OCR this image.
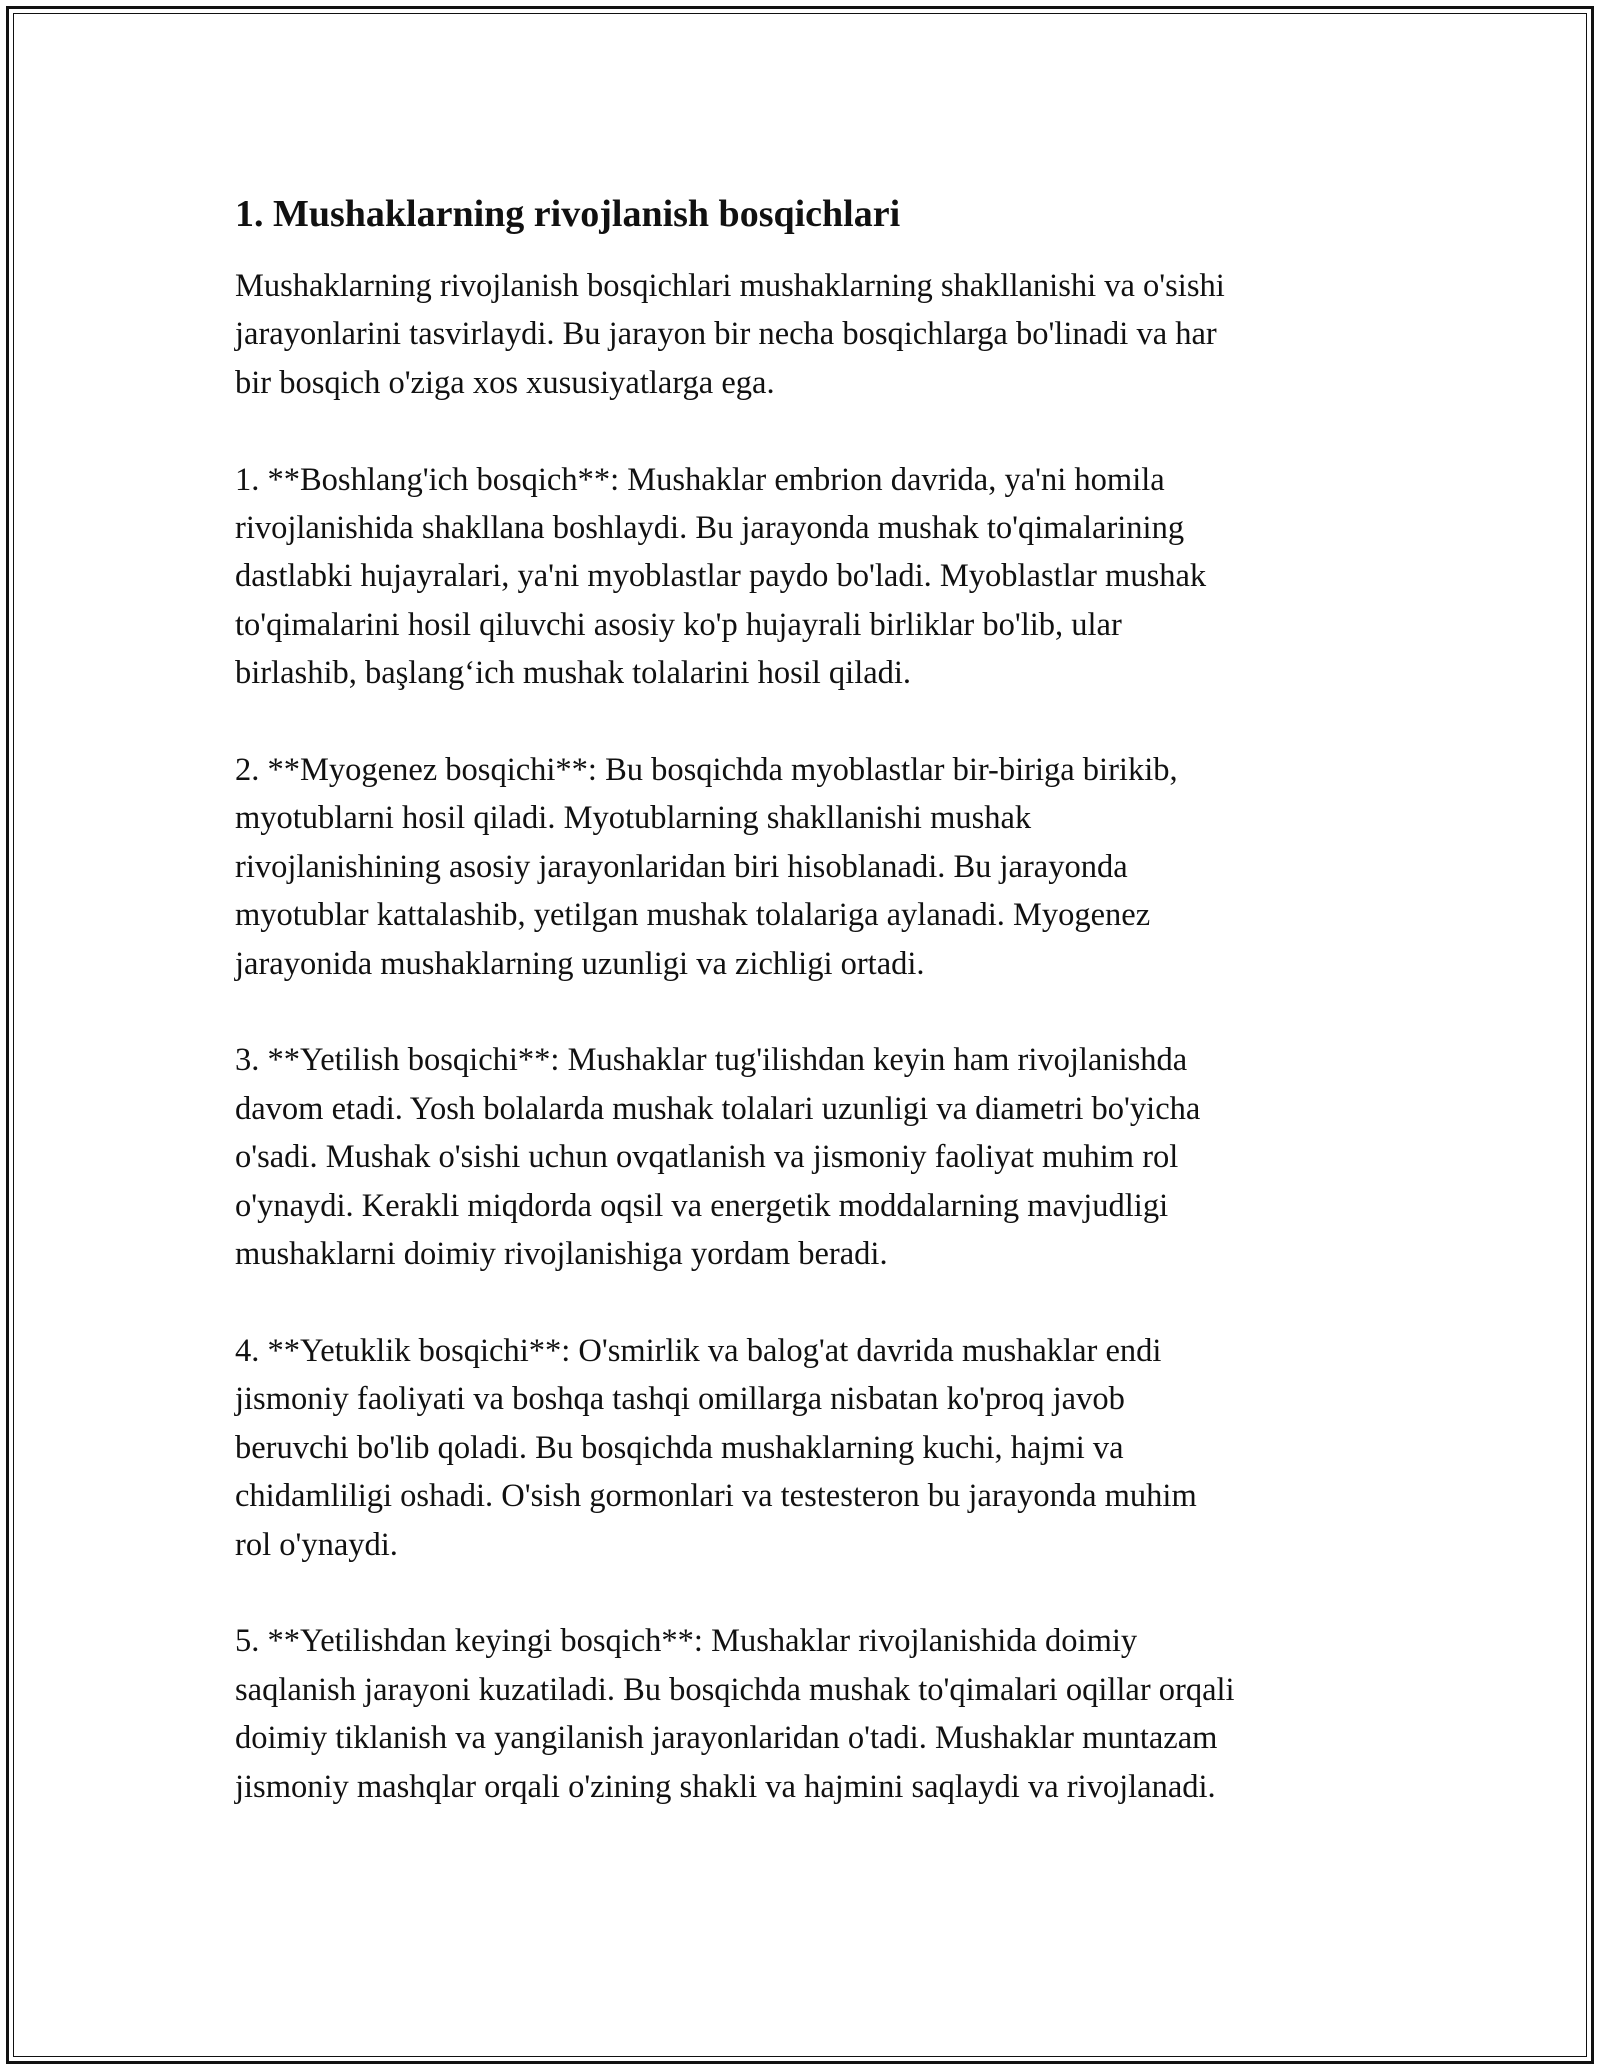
1. Mushaklarning rivojlanish bosqichlari

Mushaklarning rivojlanish bosqichlari mushaklarning shakllanishi va o'sishi
jarayonlarini tasvirlaydi. Bu jarayon bir necha bosqichlarga bo'linadi va har
bir bosqich o'ziga xos xususiyatlarga ega.

1. **Boshlang'ich bosqich**: Mushaklar embrion davrida, ya'ni homila
rivojlanishida shakllana boshlaydi. Bu jarayonda mushak to'qimalarining
dastlabki hujayralari, ya'ni myoblastlar paydo bo'ladi. Myoblastlar mushak
to'qimalarini hosil qiluvchi asosiy ko'p hujayrali birliklar bo'lib, ular
birlashib, başlang‘ich mushak tolalarini hosil qiladi.

2. **Myogenez bosqichi**: Bu bosqichda myoblastlar bir-biriga birikib,
myotublarni hosil qiladi. Myotublarning shakllanishi mushak
rivojlanishining asosiy jarayonlaridan biri hisoblanadi. Bu jarayonda
myotublar kattalashib, yetilgan mushak tolalariga aylanadi. Myogenez
jarayonida mushaklarning uzunligi va zichligi ortadi.

3. **Yetilish bosqichi**: Mushaklar tug'ilishdan keyin ham rivojlanishda
davom etadi. Yosh bolalarda mushak tolalari uzunligi va diametri bo'yicha
o'sadi. Mushak o'sishi uchun ovqatlanish va jismoniy faoliyat muhim rol
o'ynaydi. Kerakli miqdorda oqsil va energetik moddalarning mavjudligi
mushaklarni doimiy rivojlanishiga yordam beradi.

4. **Yetuklik bosqichi**: O'smirlik va balog'at davrida mushaklar endi
jismoniy faoliyati va boshqa tashqi omillarga nisbatan ko'proq javob
beruvchi bo'lib qoladi. Bu bosqichda mushaklarning kuchi, hajmi va
chidamliligi oshadi. O'sish gormonlari va testesteron bu jarayonda muhim
rol o'ynaydi.

5. **Yetilishdan keyingi bosqich**: Mushaklar rivojlanishida doimiy
saqlanish jarayoni kuzatiladi. Bu bosqichda mushak to'qimalari oqillar orqali
doimiy tiklanish va yangilanish jarayonlaridan o'tadi. Mushaklar muntazam
jismoniy mashqlar orqali o'zining shakli va hajmini saqlaydi va rivojlanadi.
